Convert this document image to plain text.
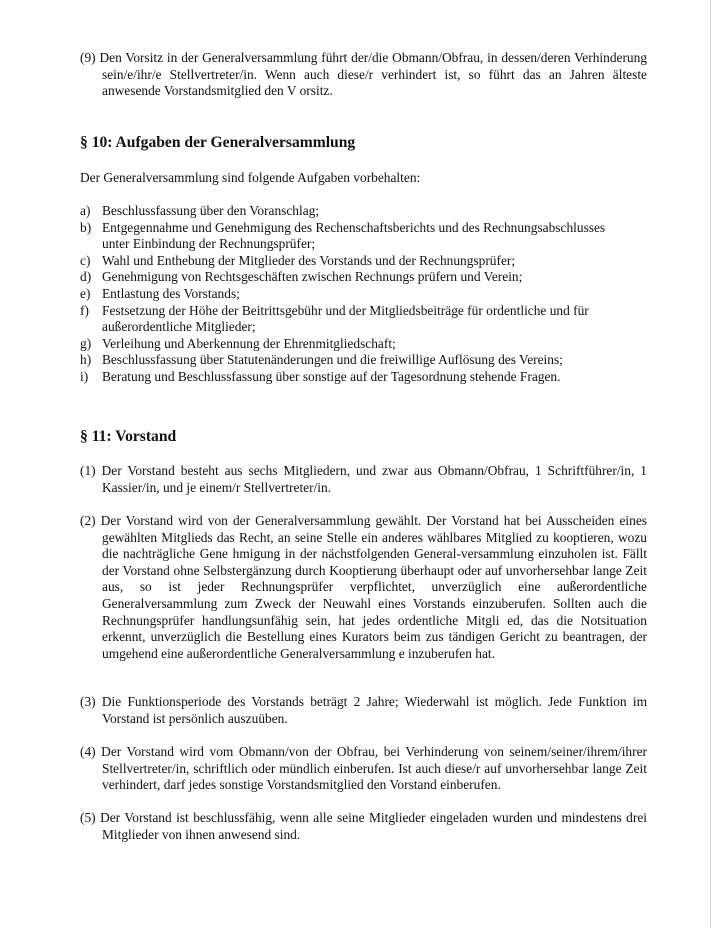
(9) Den Vorsitz in der Generalversammlung führt der/die Obmann/Obfrau, in dessen/deren Verhinderung sein/e/ihr/e Stellvertreter/in. Wenn auch diese/r verhindert ist, so führt das an Jahren älteste anwesende Vorstandsmitglied den V orsitz.

§ 10: Aufgaben der Generalversammlung

Der Generalversammlung sind folgende Aufgaben vorbehalten:

a) Beschlussfassung über den Voranschlag;
b) Entgegennahme und Genehmigung des Rechenschaftsberichts und des Rechnungsabschlusses unter Einbindung der Rechnungsprüfer;
c) Wahl und Enthebung der Mitglieder des Vorstands und der Rechnungsprüfer;
d) Genehmigung von Rechtsgeschäften zwischen Rechnungs prüfern und Verein;
e) Entlastung des Vorstands;
f) Festsetzung der Höhe der Beitrittsgebühr und der Mitgliedsbeiträge für ordentliche und für außerordentliche Mitglieder;
g) Verleihung und Aberkennung der Ehrenmitgliedschaft;
h) Beschlussfassung über Statutenänderungen und die freiwillige Auflösung des Vereins;
i)	Beratung und Beschlussfassung über sonstige auf der Tagesordnung stehende Fragen.
§ 11: Vorstand

(1) Der Vorstand besteht aus sechs Mitgliedern, und zwar aus Obmann/Obfrau, 1 Schriftführer/in, 1 Kassier/in, und je einem/r Stellvertreter/in.

(2) Der Vorstand wird von der Generalversammlung gewählt. Der Vorstand hat bei Ausscheiden eines gewählten Mitglieds das Recht, an seine Stelle ein anderes wählbares Mitglied zu kooptieren, wozu die nachträgliche Gene hmigung in der nächstfolgenden General-versammlung einzuholen ist. Fällt der Vorstand ohne Selbstergänzung durch Kooptierung überhaupt oder auf unvorhersehbar lange Zeit aus, so ist jeder Rechnungsprüfer verpflichtet, unverzüglich eine außerordentliche Generalversammlung zum Zweck der Neuwahl eines Vorstands einzuberufen. Sollten auch die Rechnungsprüfer handlungsunfähig sein, hat jedes ordentliche Mitgli ed, das die Notsituation erkennt, unverzüglich die Bestellung eines Kurators beim zus tändigen Gericht zu beantragen, der umgehend eine außerordentliche Generalversammlung e inzuberufen hat.

(3) Die Funktionsperiode des Vorstands beträgt 2 Jahre; Wiederwahl ist möglich. Jede Funktion im Vorstand ist persönlich auszuüben.

(4) Der Vorstand wird vom Obmann/von der Obfrau, bei Verhinderung von seinem/seiner/ihrem/ihrer Stellvertreter/in, schriftlich oder mündlich einberufen. Ist auch diese/r auf unvorhersehbar lange Zeit verhindert, darf jedes sonstige Vorstandsmitglied den Vorstand einberufen.

(5) Der Vorstand ist beschlussfähig, wenn alle seine Mitglieder eingeladen wurden und mindestens drei Mitglieder von ihnen anwesend sind.
